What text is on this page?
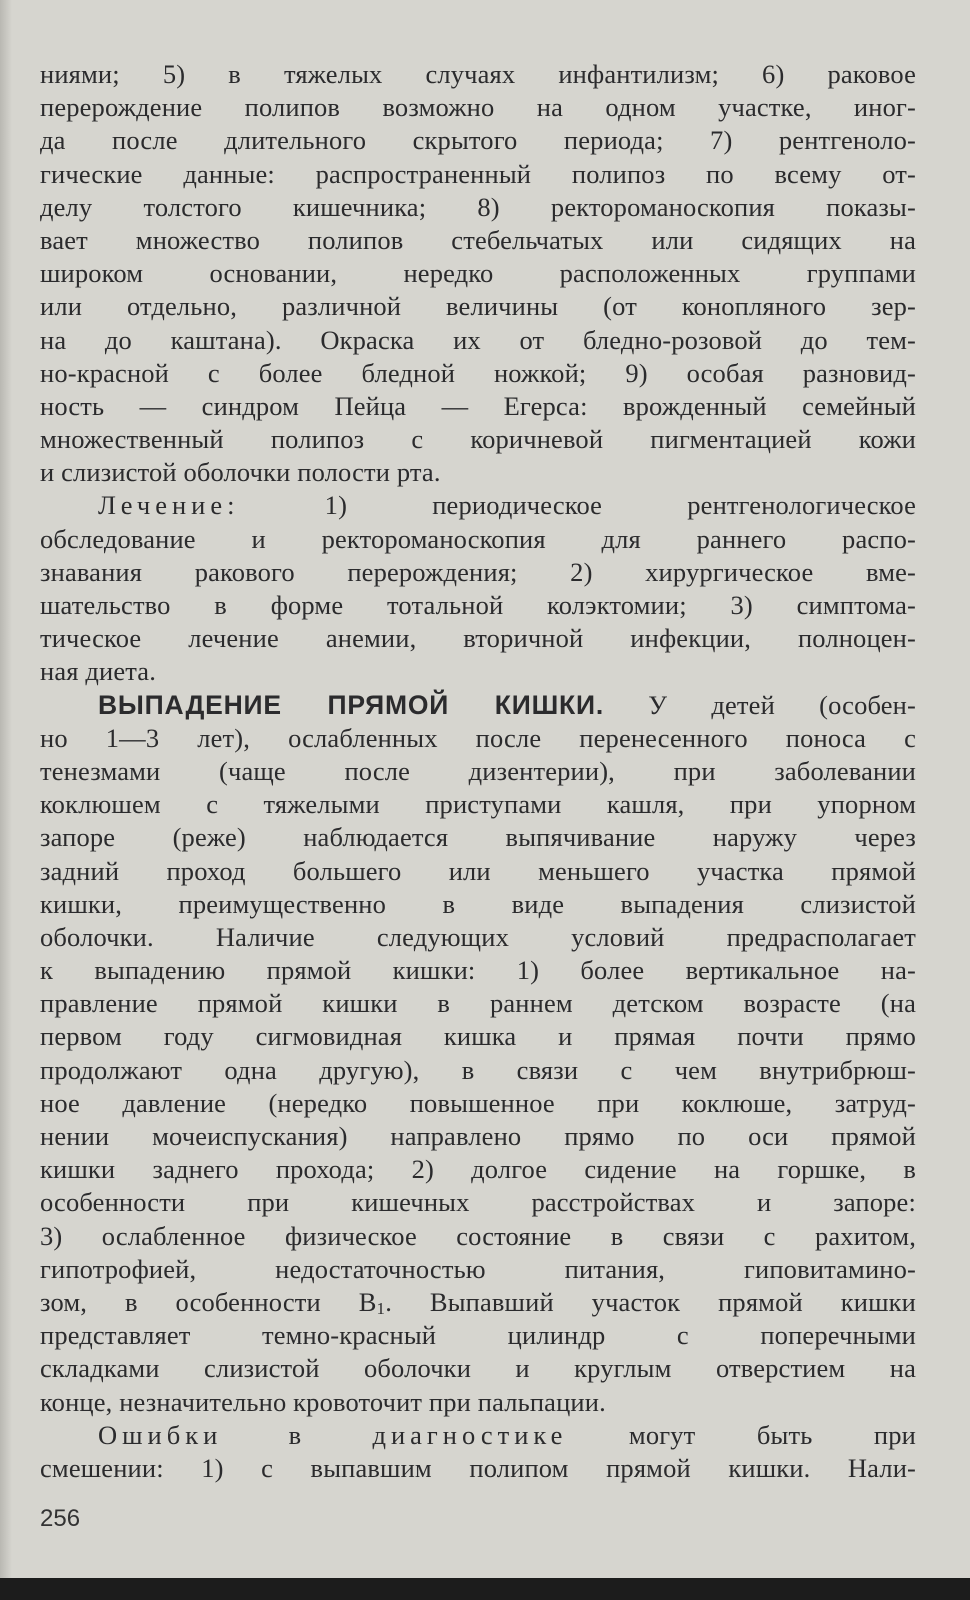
ниями; 5) в тяжелых случаях инфантилизм; 6) раковое
перерождение полипов возможно на одном участке, иног-
да после длительного скрытого периода; 7) рентгеноло-
гические данные: распространенный полипоз по всему от-
делу толстого кишечника; 8) ректороманоскопия показы-
вает множество полипов стебельчатых или сидящих на
широком основании, нередко расположенных группами
или отдельно, различной величины (от конопляного зер-
на до каштана). Окраска их от бледно-розовой до тем-
но-красной с более бледной ножкой; 9) особая разновид-
ность — синдром Пейца — Егерса: врожденный семейный
множественный полипоз с коричневой пигментацией кожи
и слизистой оболочки полости рта.
Лечение: 1) периодическое рентгенологическое
обследование и ректороманоскопия для раннего распо-
знавания ракового перерождения; 2) хирургическое вме-
шательство в форме тотальной колэктомии; 3) симптома-
тическое лечение анемии, вторичной инфекции, полноцен-
ная диета.
ВЫПАДЕНИЕ ПРЯМОЙ КИШКИ. У детей (особен-
но 1—3 лет), ослабленных после перенесенного поноса с
тенезмами (чаще после дизентерии), при заболевании
коклюшем с тяжелыми приступами кашля, при упорном
запоре (реже) наблюдается выпячивание наружу через
задний проход большего или меньшего участка прямой
кишки, преимущественно в виде выпадения слизистой
оболочки. Наличие следующих условий предрасполагает
к выпадению прямой кишки: 1) более вертикальное на-
правление прямой кишки в раннем детском возрасте (на
первом году сигмовидная кишка и прямая почти прямо
продолжают одна другую), в связи с чем внутрибрюш-
ное давление (нередко повышенное при коклюше, затруд-
нении мочеиспускания) направлено прямо по оси прямой
кишки заднего прохода; 2) долгое сидение на горшке, в
особенности при кишечных расстройствах и запоре:
3) ослабленное физическое состояние в связи с рахитом,
гипотрофией, недостаточностью питания, гиповитамино-
зом, в особенности $B_1$. Выпавший участок прямой кишки
представляет темно-красный цилиндр с поперечными
складками слизистой оболочки и круглым отверстием на
конце, незначительно кровоточит при пальпации.
Ошибки в диагностике могут быть при
смешении: 1) с выпавшим полипом прямой кишки. Нали-
256
